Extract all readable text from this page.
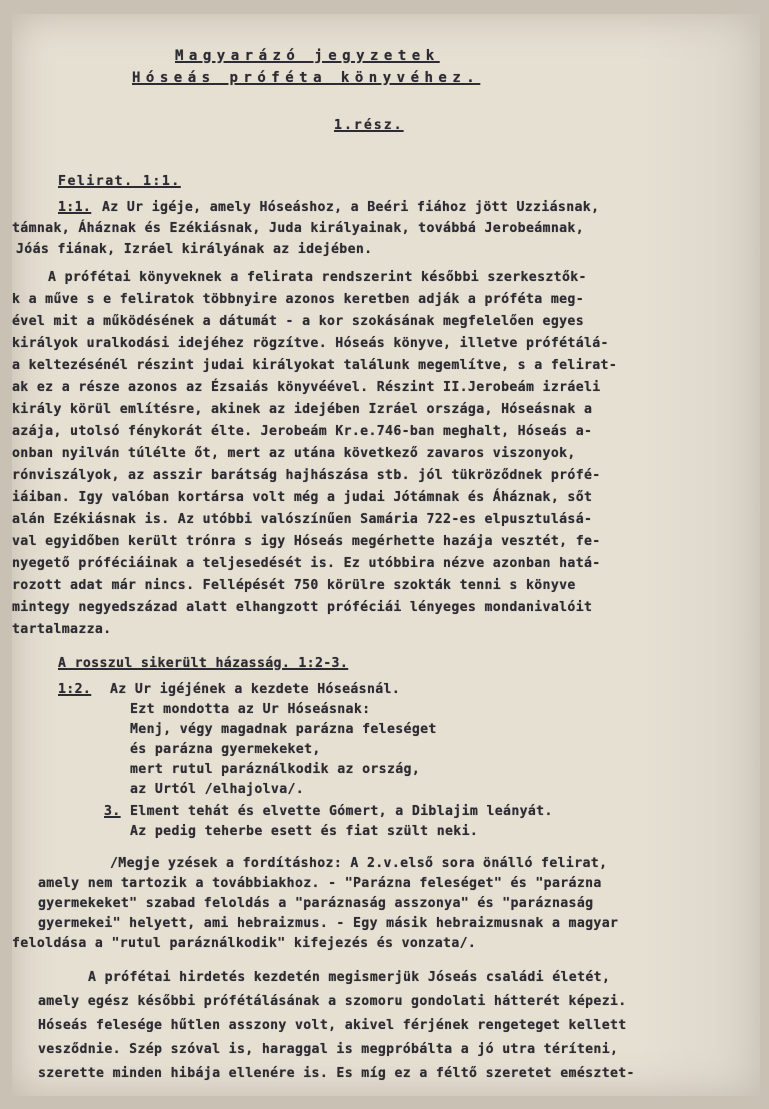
Magyarázó jegyzetek
Hóseás próféta könyvéhez.
1.rész.
Felirat. 1:1.
1:1. Az Ur igéje, amely Hóseáshoz, a Beéri fiához jött Uzziásnak,
támnak, Áháznak és Ezékiásnak, Juda királyainak, továbbá Jerobeámnak,
Jóás fiának, Izráel királyának az idejében.
A prófétai könyveknek a felirata rendszerint későbbi szerkesztők-
k a műve s e feliratok többnyire azonos keretben adják a próféta meg-
ével mit a működésének a dátumát - a kor szokásának megfelelően egyes
királyok uralkodási idejéhez rögzítve. Hóseás könyve, illetve prófétálá-
a keltezésénél részint judai királyokat találunk megemlítve, s a felirat-
ak ez a része azonos az Ézsaiás könyvéével. Részint II.Jerobeám izráeli
király körül említésre, akinek az idejében Izráel országa, Hóseásnak a
azája, utolsó fénykorát élte. Jerobeám Kr.e.746-ban meghalt, Hóseás a-
onban nyilván túlélte őt, mert az utána következő zavaros viszonyok,
rónviszályok, az asszir barátság hajhászása stb. jól tükröződnek prófé-
iáiban. Igy valóban kortársa volt még a judai Jótámnak és Áháznak, sőt
alán Ezékiásnak is. Az utóbbi valószínűen Samária 722-es elpusztulásá-
val egyidőben került trónra s igy Hóseás megérhette hazája vesztét, fe-
nyegető próféciáinak a teljesedését is. Ez utóbbira nézve azonban hatá-
rozott adat már nincs. Fellépését 750 körülre szokták tenni s könyve
mintegy negyedszázad alatt elhangzott próféciái lényeges mondanivalóit
tartalmazza.
A rosszul sikerült házasság. 1:2-3.
1:2. Az Ur igéjének a kezdete Hóseásnál.
Ezt mondotta az Ur Hóseásnak:
Menj, végy magadnak parázna feleséget
és parázna gyermekeket,
mert rutul paráználkodik az ország,
az Urtól /elhajolva/.
3. Elment tehát és elvette Gómert, a Diblajim leányát.
Az pedig teherbe esett és fiat szült neki.
/Megje yzések a fordításhoz: A 2.v.első sora önálló felirat,
amely nem tartozik a továbbiakhoz. - "Parázna feleséget" és "parázna
gyermekeket" szabad feloldás a "paráznaság asszonya" és "paráznaság
gyermekei" helyett, ami hebraizmus. - Egy másik hebraizmusnak a magyar
feloldása a "rutul paráználkodik" kifejezés és vonzata/.
A prófétai hirdetés kezdetén megismerjük Jóseás családi életét,
amely egész későbbi prófétálásának a szomoru gondolati hátterét képezi.
Hóseás felesége hűtlen asszony volt, akivel férjének rengeteget kellett
vesződnie. Szép szóval is, haraggal is megpróbálta a jó utra téríteni,
szerette minden hibája ellenére is. Es míg ez a féltő szeretet emésztet-
